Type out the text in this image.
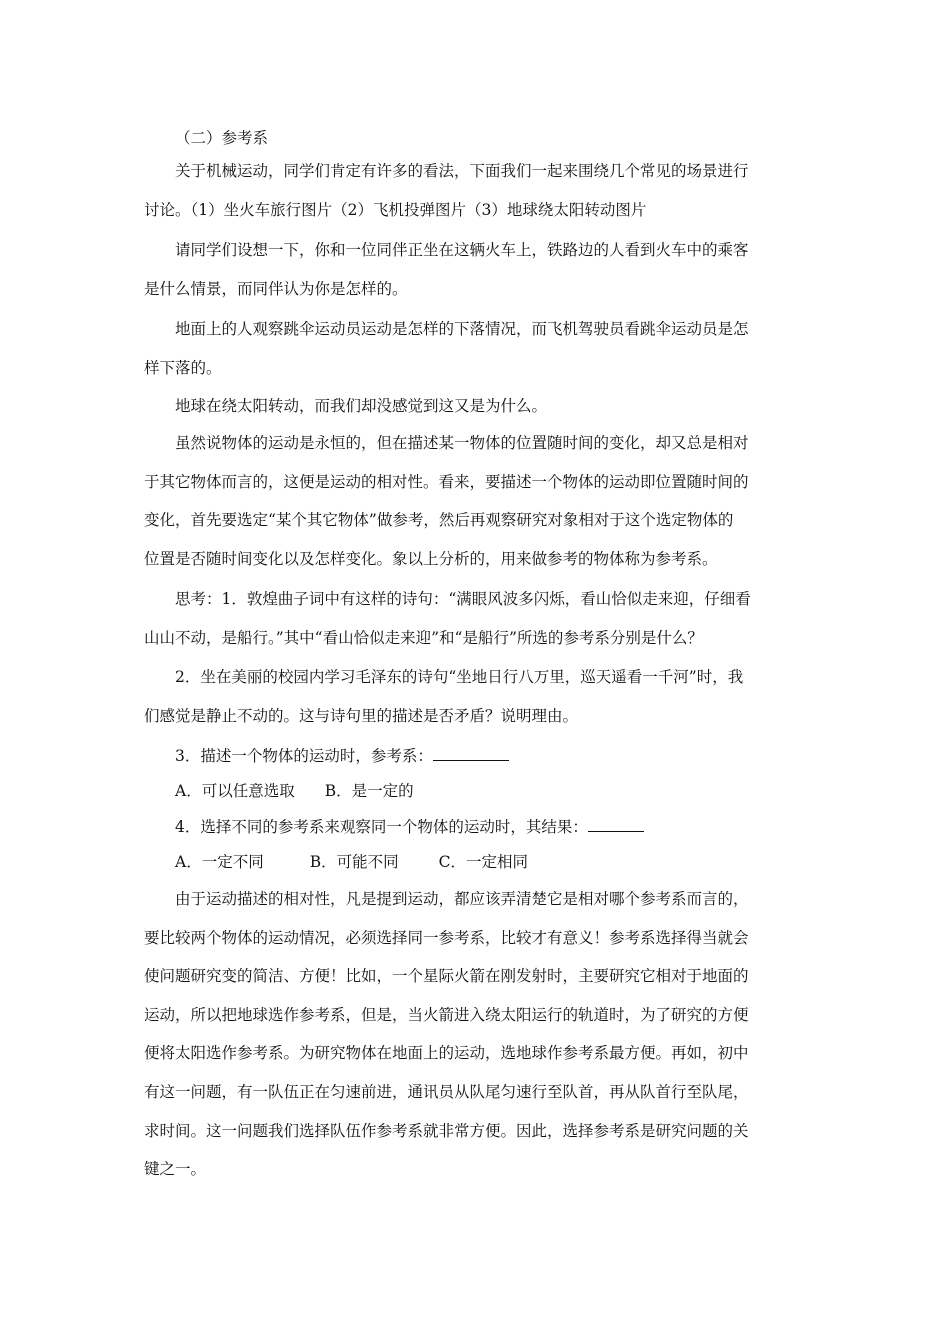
（二）参考系

关于机械运动，同学们肯定有许多的看法，下面我们一起来围绕几个常见的场景进行
讨论。（1）坐火车旅行图片（2）飞机投弹图片（3）地球绕太阳转动图片
请同学们设想一下，你和一位同伴正坐在这辆火车上，铁路边的人看到火车中的乘客
是什么情景，而同伴认为你是怎样的。
地面上的人观察跳伞运动员运动是怎样的下落情况，而飞机驾驶员看跳伞运动员是怎
样下落的。
地球在绕太阳转动，而我们却没感觉到这又是为什么。
虽然说物体的运动是永恒的，但在描述某一物体的位置随时间的变化，却又总是相对
于其它物体而言的，这便是运动的相对性。看来，要描述一个物体的运动即位置随时间的
变化，首先要选定“某个其它物体”做参考，然后再观察研究对象相对于这个选定物体的
位置是否随时间变化以及怎样变化。象以上分析的，用来做参考的物体称为参考系。
思考：1．敦煌曲子词中有这样的诗句：“满眼风波多闪烁，看山恰似走来迎，仔细看
山山不动，是船行。”其中“看山恰似走来迎”和“是船行”所选的参考系分别是什么？
2．坐在美丽的校园内学习毛泽东的诗句“坐地日行八万里，巡天遥看一千河”时，我
们感觉是静止不动的。这与诗句里的描述是否矛盾？说明理由。

3．描述一个物体的运动时，参考系：

A．可以任意选取 B．是一定的

4．选择不同的参考系来观察同一个物体的运动时，其结果：

A．一定不同	B．可能不同	C．一定相同

由于运动描述的相对性，凡是提到运动，都应该弄清楚它是相对哪个参考系而言的，
要比较两个物体的运动情况，必须选择同一参考系，比较才有意义！参考系选择得当就会
使问题研究变的简洁、方便！比如，一个星际火箭在刚发射时，主要研究它相对于地面的
运动，所以把地球选作参考系，但是，当火箭进入绕太阳运行的轨道时，为了研究的方便
便将太阳选作参考系。为研究物体在地面上的运动，选地球作参考系最方便。再如，初中
有这一问题，有一队伍正在匀速前进，通讯员从队尾匀速行至队首，再从队首行至队尾，
求时间。这一问题我们选择队伍作参考系就非常方便。因此，选择参考系是研究问题的关
键之一。
